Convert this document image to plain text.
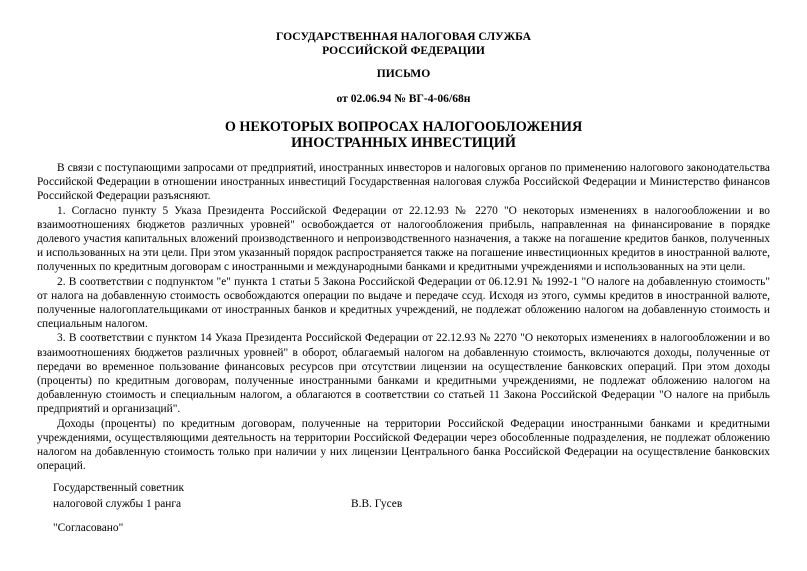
ГОСУДАРСТВЕННАЯ НАЛОГОВАЯ СЛУЖБА
РОССИЙСКОЙ ФЕДЕРАЦИИ
ПИСЬМО
от 02.06.94 № ВГ-4-06/68н
О НЕКОТОРЫХ ВОПРОСАХ НАЛОГООБЛОЖЕНИЯ
ИНОСТРАННЫХ ИНВЕСТИЦИЙ

В связи с поступающими запросами от предприятий, иностранных инвесторов и налоговых органов по применению налогового законодательства Российской Федерации в отношении иностранных инвестиций Государственная налоговая служба Российской Федерации и Министерство финансов Российской Федерации разъясняют.

1. Согласно пункту 5 Указа Президента Российской Федерации от 22.12.93 № 2270 "О некоторых изменениях в налогообложении и во взаимоотношениях бюджетов различных уровней" освобождается от налогообложения прибыль, направленная на финансирование в порядке долевого участия капитальных вложений производственного и непроизводственного назначения, а также на погашение кредитов банков, полученных и использованных на эти цели. При этом указанный порядок распространяется также на погашение инвестиционных кредитов в иностранной валюте, полученных по кредитным договорам с иностранными и международными банками и кредитными учреждениями и использованных на эти цели.

2. В соответствии с подпунктом "е" пункта 1 статьи 5 Закона Российской Федерации от 06.12.91 № 1992-1 "О налоге на добавленную стоимость" от налога на добавленную стоимость освобождаются операции по выдаче и передаче ссуд. Исходя из этого, суммы кредитов в иностранной валюте, полученные налогоплательщиками от иностранных банков и кредитных учреждений, не подлежат обложению налогом на добавленную стоимость и специальным налогом.

3. В соответствии с пунктом 14 Указа Президента Российской Федерации от 22.12.93 № 2270 "О некоторых изменениях в налогообложении и во взаимоотношениях бюджетов различных уровней" в оборот, облагаемый налогом на добавленную стоимость, включаются доходы, полученные от передачи во временное пользование финансовых ресурсов при отсутствии лицензии на осуществление банковских операций. При этом доходы (проценты) по кредитным договорам, полученные иностранными банками и кредитными учреждениями, не подлежат обложению налогом на добавленную стоимость и специальным налогом, а облагаются в соответствии со статьей 11 Закона Российской Федерации "О налоге на прибыль предприятий и организаций".

Доходы (проценты) по кредитным договорам, полученные на территории Российской Федерации иностранными банками и кредитными учреждениями, осуществляющими деятельность на территории Российской Федерации через обособленные подразделения, не подлежат обложению налогом на добавленную стоимость только при наличии у них лицензии Центрального банка Российской Федерации на осуществление банковских операций.

Государственный советник
налоговой службы 1 ранга	В.В. Гусев
"Согласовано"
